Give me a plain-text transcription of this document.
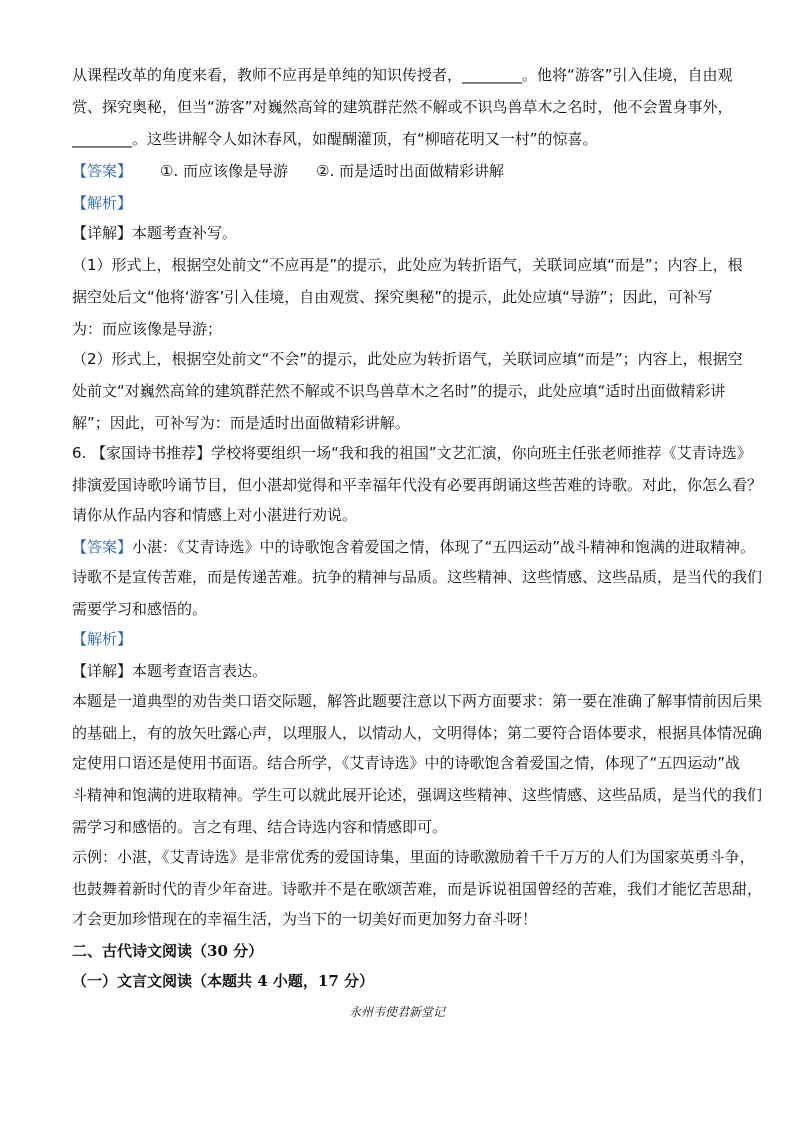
从课程改革的角度来看，教师不应再是单纯的知识传授者，________。他将“游客”引入佳境，自由观
赏、探究奥秘，但当“游客”对巍然高耸的建筑群茫然不解或不识鸟兽草木之名时，他不会置身事外，
________。这些讲解令人如沐春风，如醍醐灌顶，有“柳暗花明又一村”的惊喜。
【答案】 ①. 而应该像是导游 ②. 而是适时出面做精彩讲解
【解析】
【详解】本题考查补写。
（1）形式上，根据空处前文“不应再是”的提示，此处应为转折语气，关联词应填“而是”；内容上，根
据空处后文“他将‘游客’引入佳境，自由观赏、探究奥秘”的提示，此处应填“导游”；因此，可补写
为：而应该像是导游；
（2）形式上，根据空处前文“不会”的提示，此处应为转折语气，关联词应填“而是”；内容上，根据空
处前文“对巍然高耸的建筑群茫然不解或不识鸟兽草木之名时”的提示，此处应填“适时出面做精彩讲
解”；因此，可补写为：而是适时出面做精彩讲解。
6. 【家国诗书推荐】学校将要组织一场“我和我的祖国”文艺汇演，你向班主任张老师推荐《艾青诗选》
排演爱国诗歌吟诵节目，但小湛却觉得和平幸福年代没有必要再朗诵这些苦难的诗歌。对此，你怎么看？
请你从作品内容和情感上对小湛进行劝说。
【答案】小湛：《艾青诗选》中的诗歌饱含着爱国之情，体现了“五四运动”战斗精神和饱满的进取精神。
诗歌不是宣传苦难，而是传递苦难。抗争的精神与品质。这些精神、这些情感、这些品质，是当代的我们
需要学习和感悟的。
【解析】
【详解】本题考查语言表达。
本题是一道典型的劝告类口语交际题，解答此题要注意以下两方面要求：第一要在准确了解事情前因后果
的基础上，有的放矢吐露心声，以理服人，以情动人，文明得体；第二要符合语体要求，根据具体情况确
定使用口语还是使用书面语。结合所学，《艾青诗选》中的诗歌饱含着爱国之情，体现了“五四运动”战
斗精神和饱满的进取精神。学生可以就此展开论述，强调这些精神、这些情感、这些品质，是当代的我们
需学习和感悟的。言之有理、结合诗选内容和情感即可。
示例：小湛，《艾青诗选》是非常优秀的爱国诗集，里面的诗歌激励着千千万万的人们为国家英勇斗争，
也鼓舞着新时代的青少年奋进。诗歌并不是在歌颂苦难，而是诉说祖国曾经的苦难，我们才能忆苦思甜，
才会更加珍惜现在的幸福生活，为当下的一切美好而更加努力奋斗呀！
二、古代诗文阅读（30 分）
（一）文言文阅读（本题共 4 小题，17 分）
永州韦使君新堂记
